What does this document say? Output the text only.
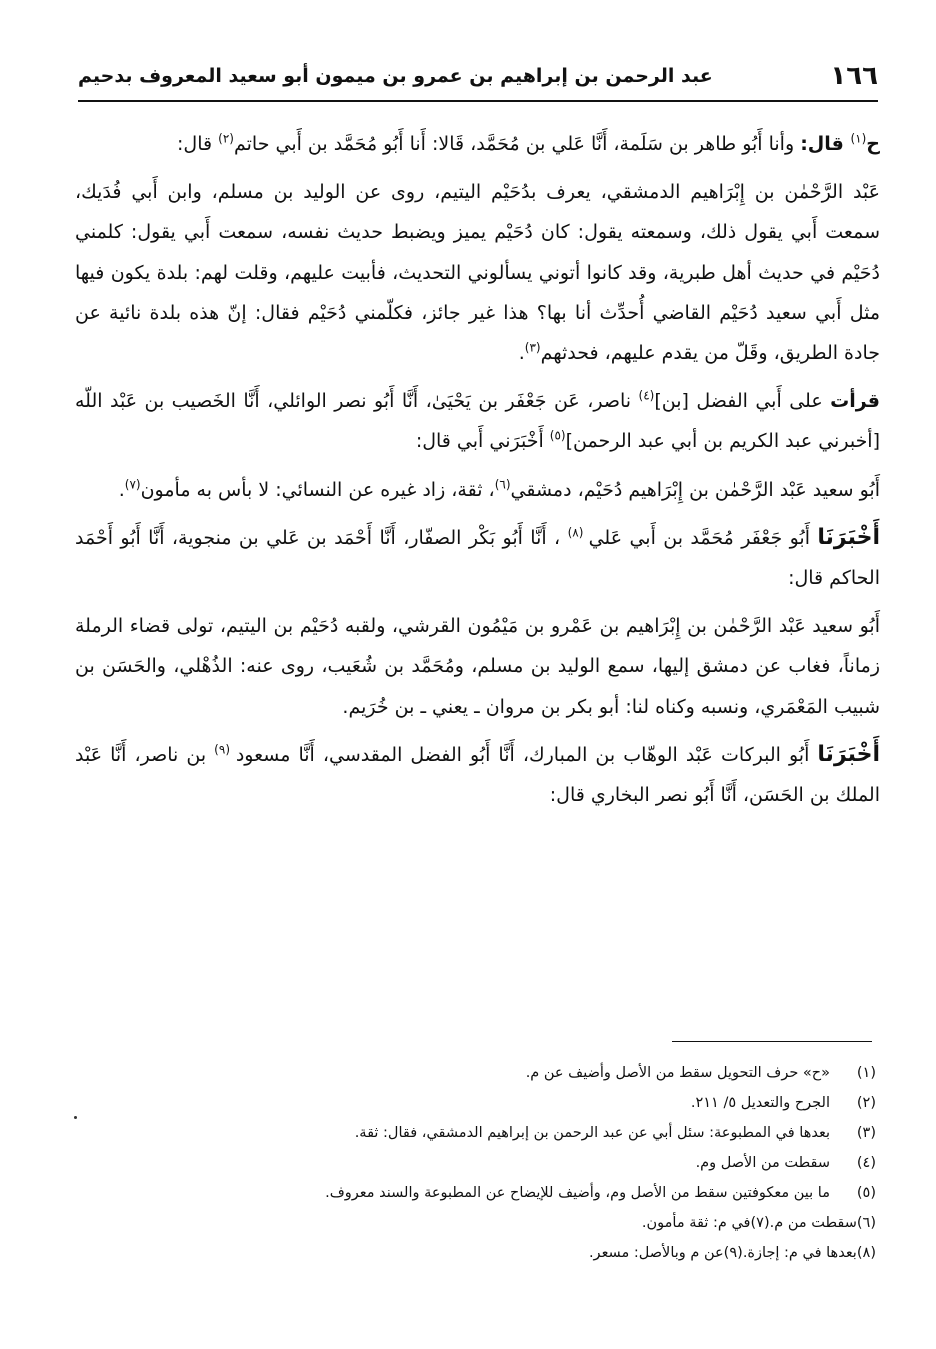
١٦٦
عبد الرحمن بن إبراهيم بن عمرو بن ميمون أبو سعيد المعروف بدحيم

ح$^{(١)}$ قال: وأنا أَبُو طاهر بن سَلَمة، أَنَّا عَلي بن مُحَمَّد، قَالا: أَنا أَبُو مُحَمَّد بن أَبي حاتم$^{(٢)}$ قال:

عَبْد الرَّحْمٰن بن إِبْرَاهيم الدمشقي، يعرف بدُحَيْم اليتيم، روى عن الوليد بن مسلم، وابن أَبي فُدَيك، سمعت أَبي يقول ذلك، وسمعته يقول: كان دُحَيْم يميز ويضبط حديث نفسه، سمعت أَبي يقول: كلمني دُحَيْم في حديث أهل طبرية، وقد كانوا أتوني يسألوني التحديث، فأبيت عليهم، وقلت لهم: بلدة يكون فيها مثل أَبي سعيد دُحَيْم القاضي أُحدِّث أنا بها؟ هذا غير جائز، فكلّمني دُحَيْم فقال: إنّ هذه بلدة نائية عن جادة الطريق، وقَلّ من يقدم عليهم، فحدثهم$^{(٣)}$.

قرأت على أَبي الفضل [بن]$^{(٤)}$ ناصر، عَن جَعْفَر بن يَحْيَىٰ، أَنَّا أَبُو نصر الوائلي، أَنَّا الخَصيب بن عَبْد اللّه [أخبرني عبد الكريم بن أبي عبد الرحمن]$^{(٥)}$ أَخْبَرَني أَبي قال:

أَبُو سعيد عَبْد الرَّحْمٰن بن إِبْرَاهيم دُحَيْم، دمشقي$^{(٦)}$، ثقة، زاد غيره عن النسائي: لا بأس به مأمون$^{(٧)}$.

أَخْبَرَنَا أَبُو جَعْفَر مُحَمَّد بن أَبي عَلي $^{(٨)}$ ، أَنَّا أَبُو بَكْر الصفّار، أَنَّا أَحْمَد بن عَلي بن منجوية، أَنَّا أَبُو أَحْمَد الحاكم قال:

أَبُو سعيد عَبْد الرَّحْمٰن بن إِبْرَاهيم بن عَمْرو بن مَيْمُون القرشي، ولقبه دُحَيْم بن اليتيم، تولى قضاء الرملة زماناً، فغاب عن دمشق إليها، سمع الوليد بن مسلم، ومُحَمَّد بن شُعَيب، روى عنه: الذُهْلي، والحَسَن بن شبيب المَعْمَري، ونسبه وكناه لنا: أبو بكر بن مروان ـ يعني ـ بن خُرَيم.

أَخْبَرَنَا أَبُو البركات عَبْد الوهّاب بن المبارك، أَنَّا أَبُو الفضل المقدسي، أَنَّا مسعود $^{(٩)}$ بن ناصر، أَنَّا عَبْد الملك بن الحَسَن، أَنَّا أَبُو نصر البخاري قال:

(١)
«ح» حرف التحويل سقط من الأصل وأضيف عن م.
(٢)
الجرح والتعديل ٥/ ٢١١.
(٣)
بعدها في المطبوعة: سئل أبي عن عبد الرحمن بن إبراهيم الدمشقي، فقال: ثقة.
(٤)
سقطت من الأصل وم.
(٥)
ما بين معكوفتين سقط من الأصل وم، وأضيف للإيضاح عن المطبوعة والسند معروف.
(٦)سقطت من م.
(٧)في م: ثقة مأمون.
(٨)بعدها في م: إجازة.
(٩)عن م وبالأصل: مسعر.
